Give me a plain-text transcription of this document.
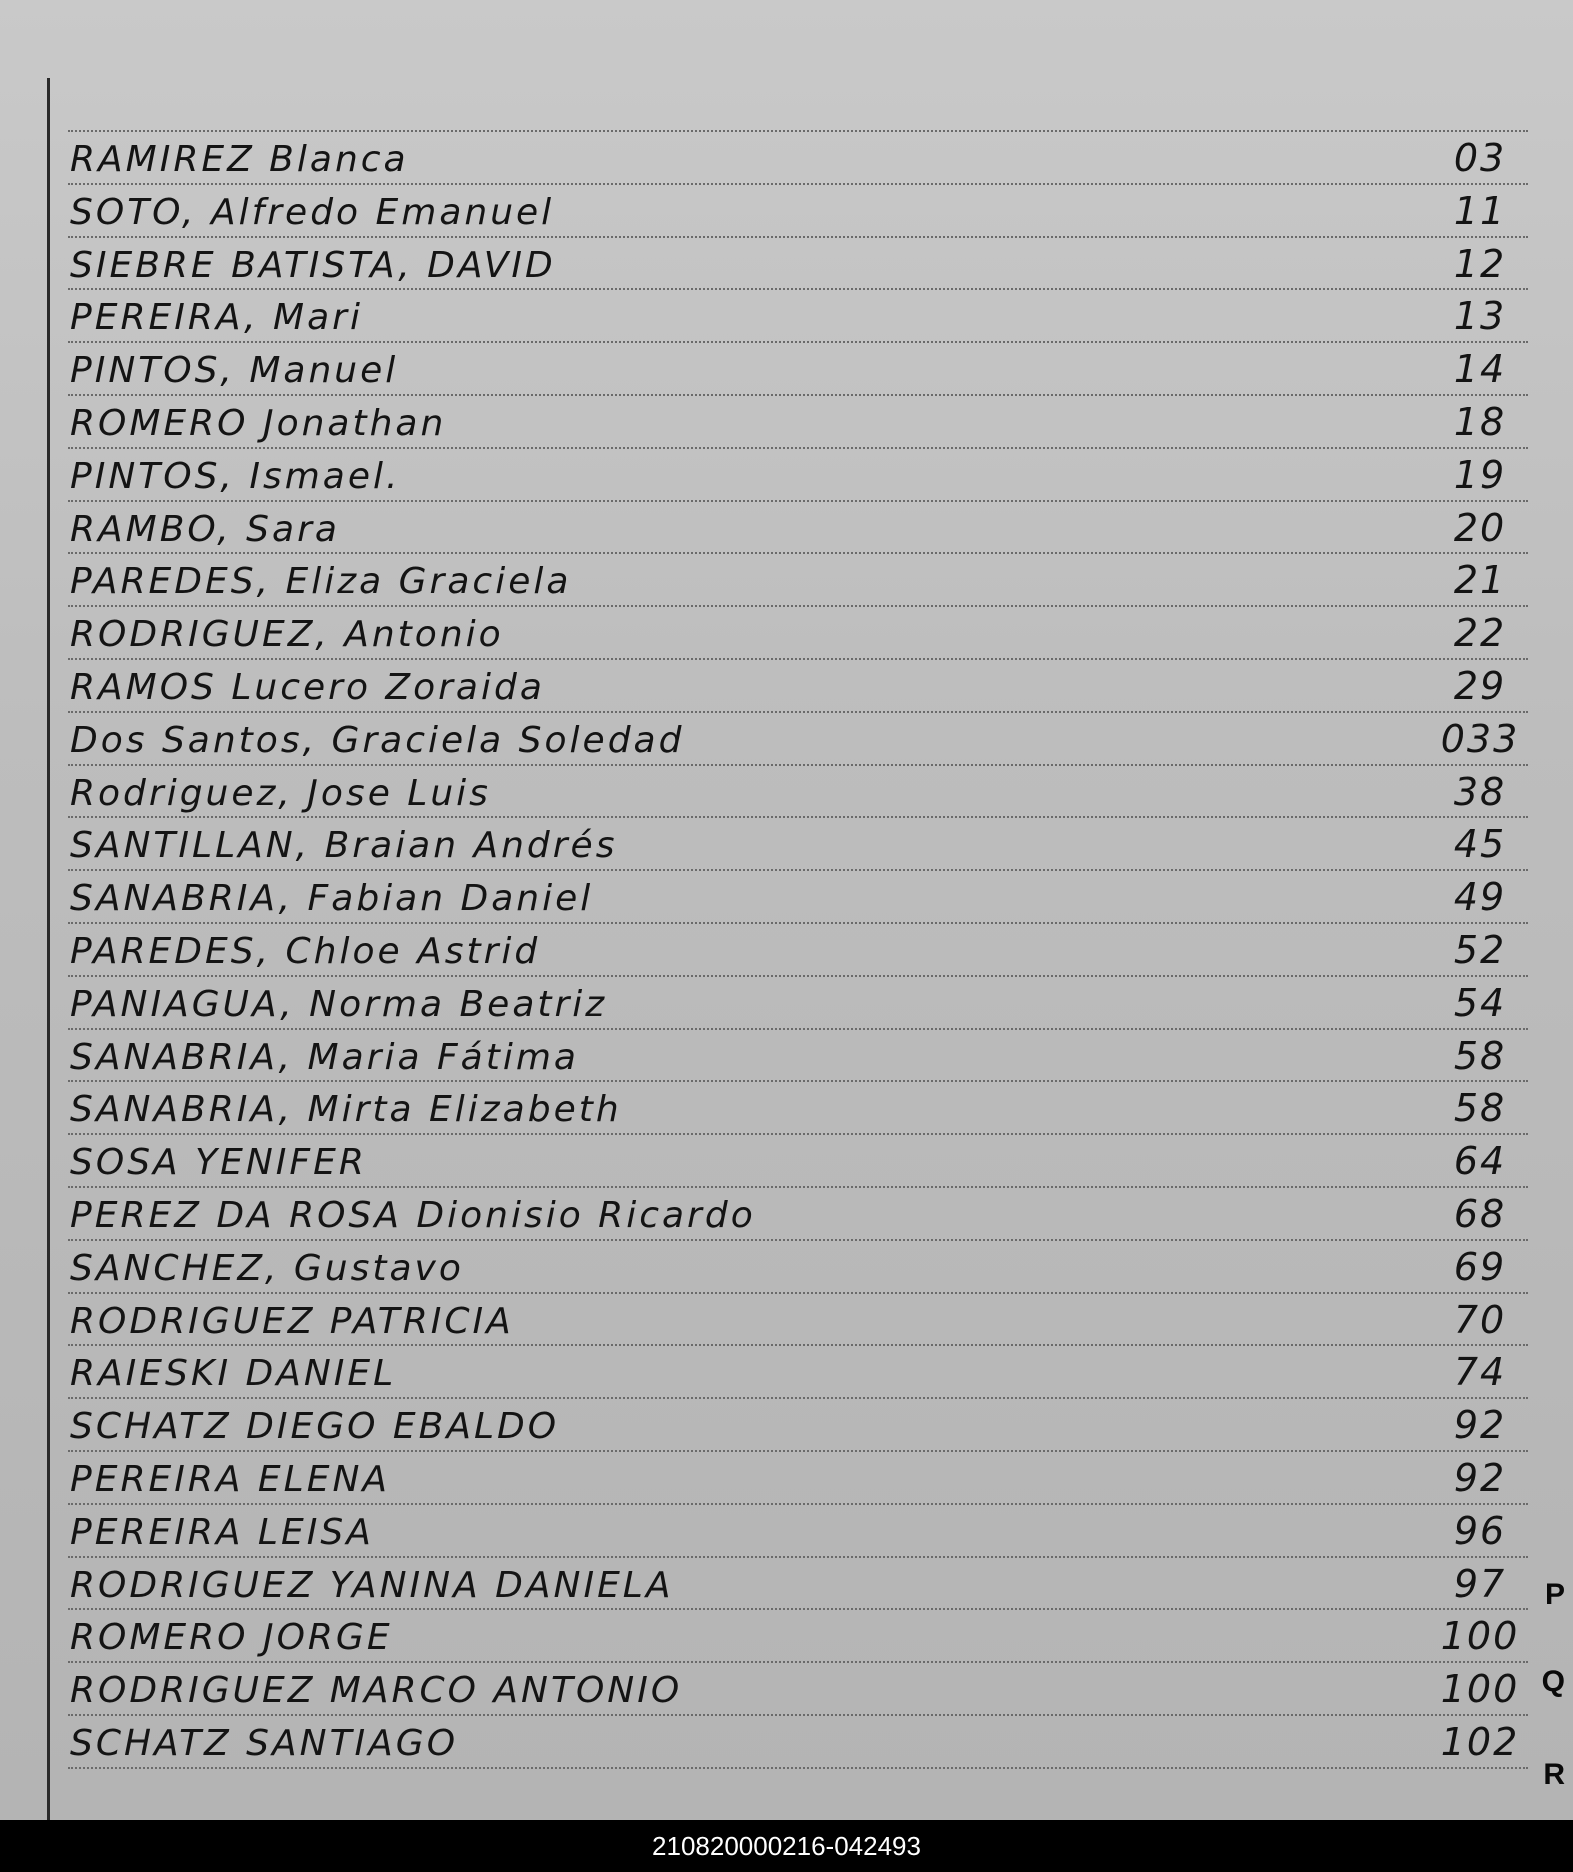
RAMIREZ Blanca	03
SOTO, Alfredo Emanuel	11
SIEBRE BATISTA, DAVID	12
PEREIRA, Mari	13
PINTOS, Manuel	14
ROMERO Jonathan	18
PINTOS, Ismael.	19
RAMBO, Sara	20
PAREDES, Eliza Graciela	21
RODRIGUEZ, Antonio	22
RAMOS Lucero Zoraida	29
Dos Santos, Graciela Soledad	033
Rodriguez, Jose Luis	38
SANTILLAN, Braian Andrés	45
SANABRIA, Fabian Daniel	49
PAREDES, Chloe Astrid	52
PANIAGUA, Norma Beatriz	54
SANABRIA, Maria Fátima	58
SANABRIA, Mirta Elizabeth	58
SOSA YENIFER	64
PEREZ DA ROSA Dionisio Ricardo	68
SANCHEZ, Gustavo	69
RODRIGUEZ PATRICIA	70
RAIESKI DANIEL	74
SCHATZ DIEGO EBALDO	92
PEREIRA ELENA	92
PEREIRA LEISA	96
RODRIGUEZ YANINA DANIELA	97
ROMERO JORGE	100
RODRIGUEZ MARCO ANTONIO	100
SCHATZ SANTIAGO	102
P
Q
R
210820000216-042493
